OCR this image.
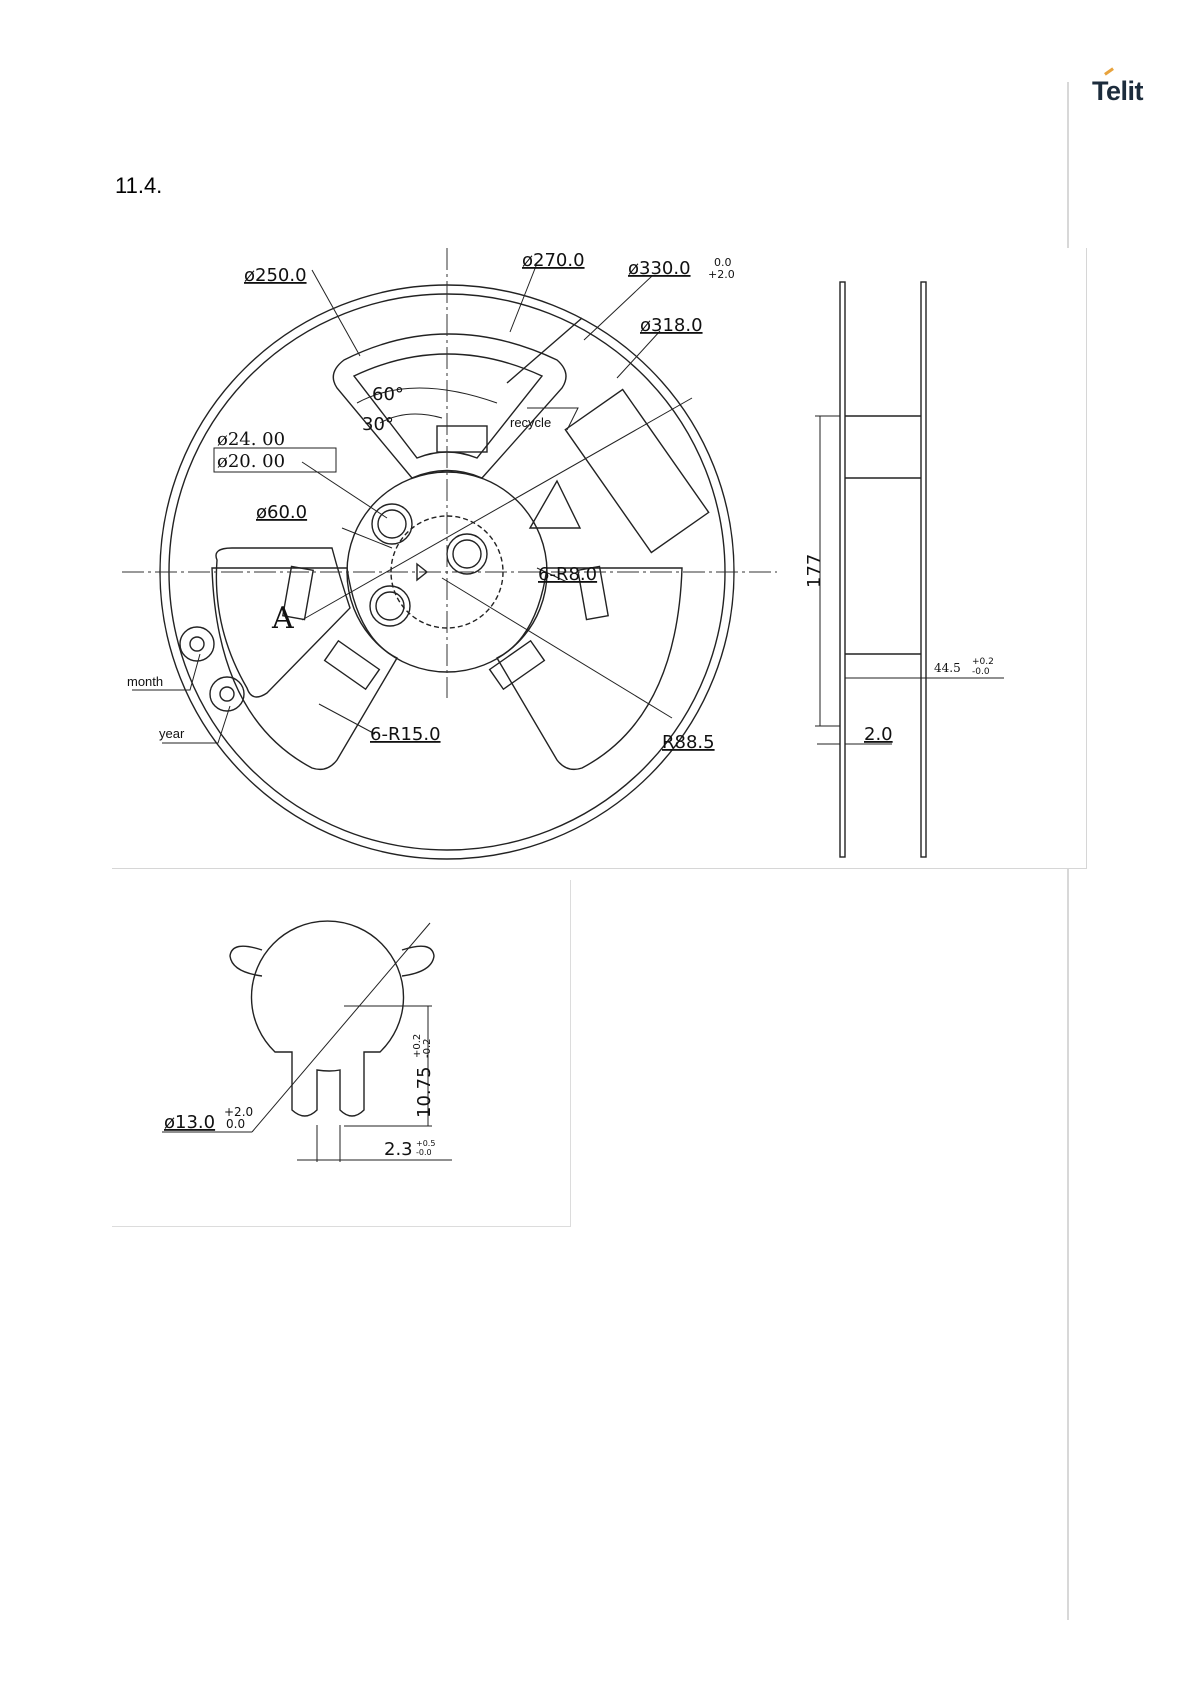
Telit
11.4.
ø250.0
ø270.0 ø330.0 0.0
+2.0
ø318.0
60°
30°
ø24. 00
ø20. 00
ø60.0
6-R8.0
A
6-R15.0	R88.5
recycle
month
year
177
44.5 +0.2
-0.0
2.0
ø13.0 +2.0
0.0
10.75
+0.2 -0.2
2.3 +0.5
-0.0
